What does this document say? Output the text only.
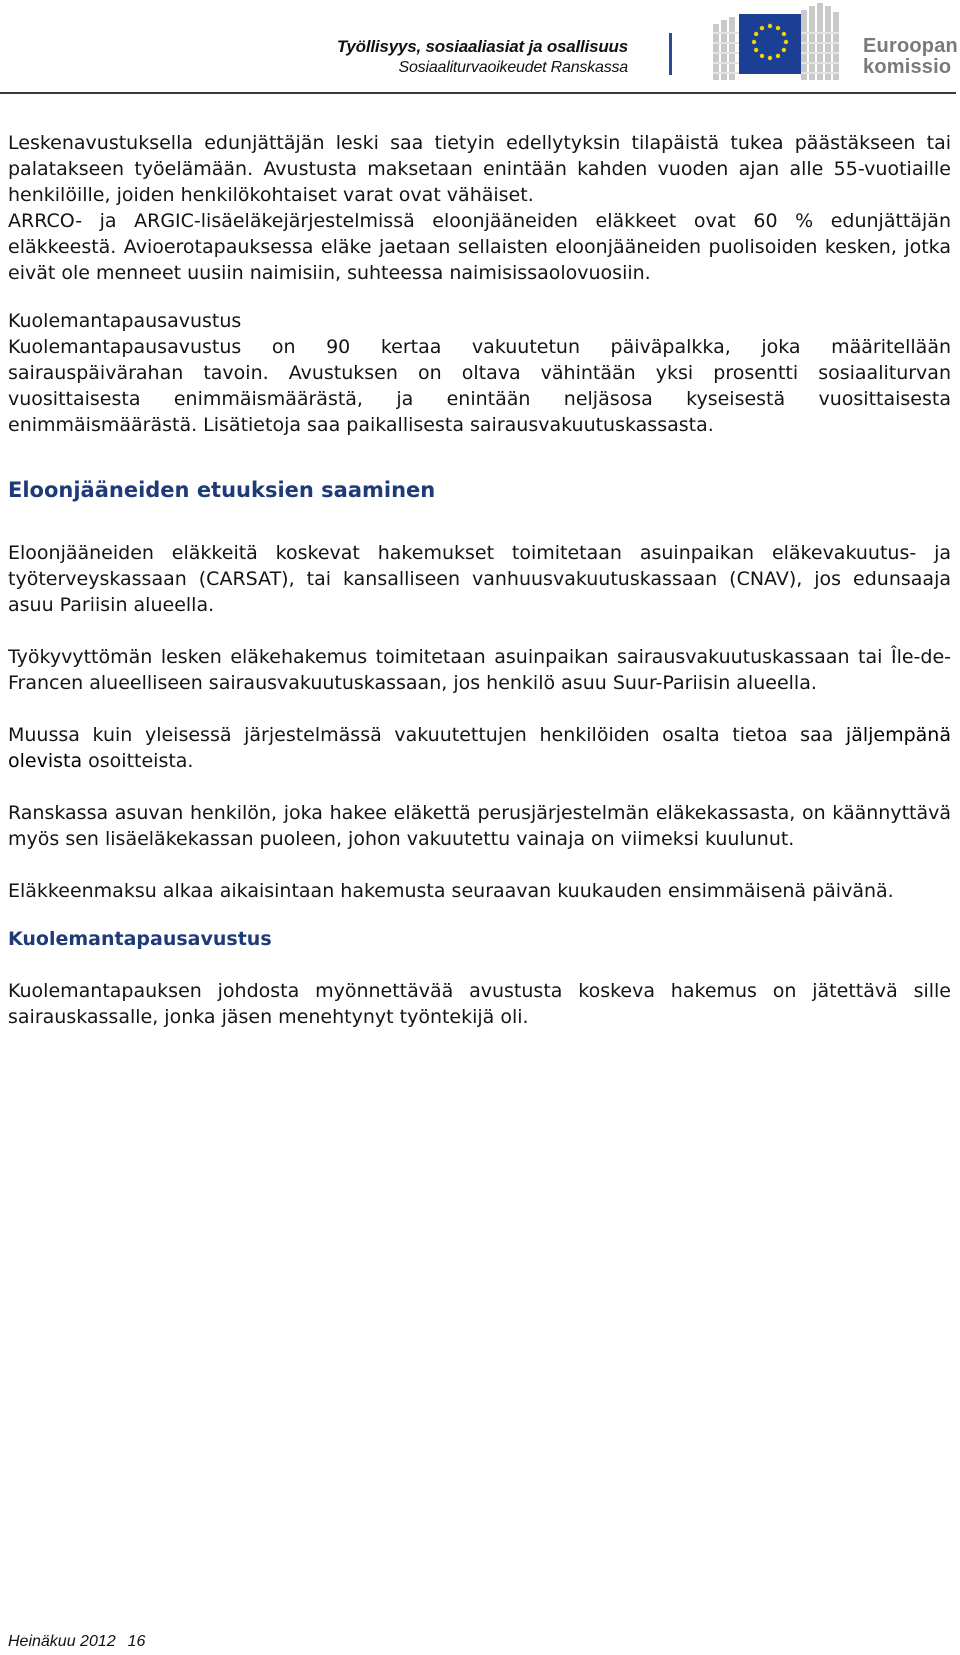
Työllisyys, sosiaaliasiat ja osallisuus
Sosiaaliturvaoikeudet Ranskassa
Euroopan
komissio

Leskenavustuksella edunjättäjän leski saa tietyin edellytyksin tilapäistä tukea päästäkseen tai palatakseen työelämään. Avustusta maksetaan enintään kahden vuoden ajan alle 55-vuotiaille henkilöille, joiden henkilökohtaiset varat ovat vähäiset.

ARRCO- ja ARGIC-lisäeläkejärjestelmissä eloonjääneiden eläkkeet ovat 60 % edunjättäjän eläkkeestä. Avioerotapauksessa eläke jaetaan sellaisten eloonjääneiden puolisoiden kesken, jotka eivät ole menneet uusiin naimisiin, suhteessa naimisissaolovuosiin.

Kuolemantapausavustus

Kuolemantapausavustus on 90 kertaa vakuutetun päiväpalkka, joka määritellään sairauspäivärahan tavoin. Avustuksen on oltava vähintään yksi prosentti sosiaaliturvan vuosittaisesta enimmäismäärästä, ja enintään neljäsosa kyseisestä vuosittaisesta enimmäismäärästä. Lisätietoja saa paikallisesta sairausvakuutuskassasta.

Eloonjääneiden etuuksien saaminen

Eloonjääneiden eläkkeitä koskevat hakemukset toimitetaan asuinpaikan eläkevakuutus- ja työterveyskassaan (CARSAT), tai kansalliseen vanhuusvakuutuskassaan (CNAV), jos edunsaaja asuu Pariisin alueella.

Työkyvyttömän lesken eläkehakemus toimitetaan asuinpaikan sairausvakuutuskassaan tai Île-de-Francen alueelliseen sairausvakuutuskassaan, jos henkilö asuu Suur-Pariisin alueella.

Muussa kuin yleisessä järjestelmässä vakuutettujen henkilöiden osalta tietoa saa jäljempänä olevista osoitteista.

Ranskassa asuvan henkilön, joka hakee eläkettä perusjärjestelmän eläkekassasta, on käännyttävä myös sen lisäeläkekassan puoleen, johon vakuutettu vainaja on viimeksi kuulunut.

Eläkkeenmaksu alkaa aikaisintaan hakemusta seuraavan kuukauden ensimmäisenä päivänä.

Kuolemantapausavustus

Kuolemantapauksen johdosta myönnettävää avustusta koskeva hakemus on jätettävä sille sairauskassalle, jonka jäsen menehtynyt työntekijä oli.

Heinäkuu 2012 16
